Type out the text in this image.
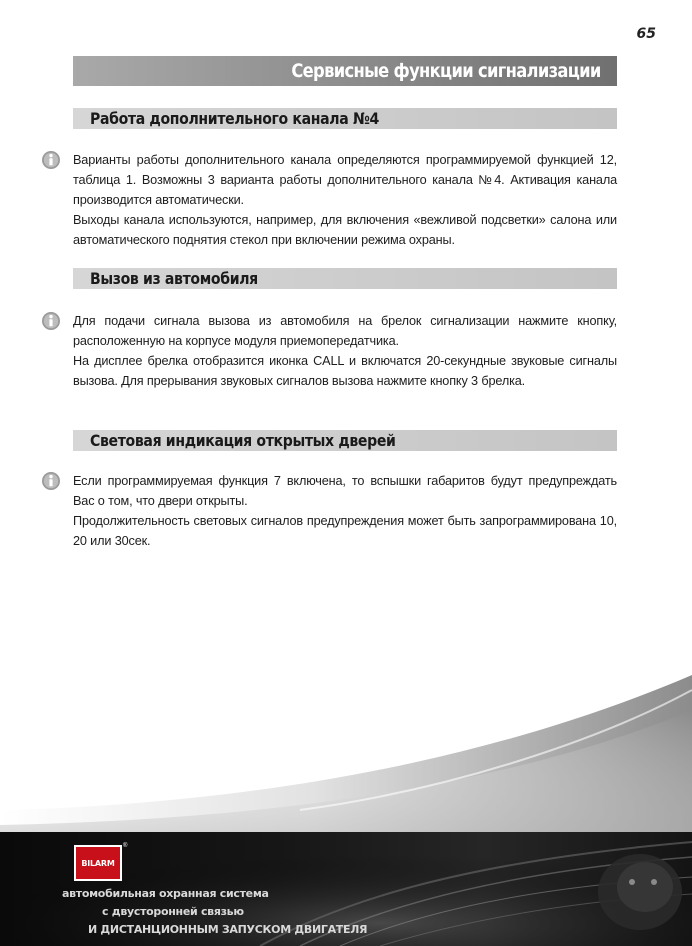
65
Сервисные функции сигнализации
Работа дополнительного канала №4

Варианты работы дополнительного канала определяются программируемой функцией 12, таблица 1. Возможны 3 варианта работы дополнительного канала №4. Активация канала производится автоматически.

Выходы канала используются, например, для включения «вежливой подсветки» салона или автоматического поднятия стекол при включении режима охраны.

Вызов из автомобиля

Для подачи сигнала вызова из автомобиля на брелок сигнализации нажмите кнопку, расположенную на корпусе модуля приемопередатчика.

На дисплее брелка отобразится иконка CALL и включатся 20-секундные звуковые сигналы вызова. Для прерывания звуковых сигналов вызова нажмите кнопку 3 брелка.

Световая индикация открытых дверей

Если программируемая функция 7 включена, то вспышки габаритов будут предупреждать Вас о том, что двери открыты.

Продолжительность световых сигналов предупреждения может быть запрограммирована 10, 20 или 30сек.

BILARM
®
автомобильная охранная система
с двусторонней связью
И ДИСТАНЦИОННЫМ ЗАПУСКОМ ДВИГАТЕЛЯ
